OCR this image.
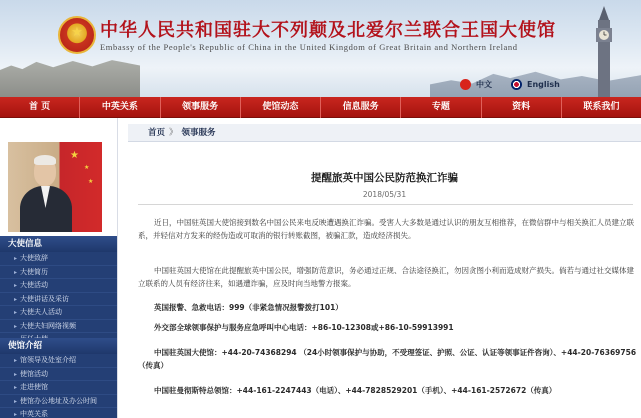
★ 中华人民共和国驻大不列颠及北爱尔兰联合王国大使馆
Embassy of the People's Republic of China in the United Kingdom of Great Britain and Northern Ireland
中文	English
首 页	中英关系	领事服务	使馆动态	信息服务	专题	资料	联系我们
★
★
★
大使信息
▸ 大使致辞
▸ 大使简历
▸ 大使活动
▸ 大使讲话及采访
▸ 大使夫人活动
▸ 大使夫妇网络视频
▸
使馆介绍
▸ 馆领导及处室介绍
▸ 使馆活动
▸ 走进使馆
▸ 使馆办公地址及办公时间
▸ 中英关系
首页 》 领事服务
提醒旅英中国公民防范换汇诈骗
2018/05/31

近日，中国驻英国大使馆接到数名中国公民来电反映遭遇换汇诈骗。受害人大多数是通过认识的朋友互相推荐，在微信群中与相关换汇人员建立联系，并轻信对方发来的经伪造或可取消的银行转账截图，被骗汇款，造成经济损失。

中国驻英国大使馆在此提醒旅英中国公民，增强防范意识，务必通过正规、合法途径换汇，勿因贪图小利而造成财产损失。倘若与通过社交媒体建立联系的人员有经济往来，如遇遭诈骗，应及时向当地警方报案。

英国报警、急救电话：999（非紧急情况报警拨打101）

外交部全球领事保护与服务应急呼叫中心电话：+86-10-12308或+86-10-59913991

中国驻英国大使馆：+44-20-74368294 （24小时领事保护与协助，不受理签证、护照、公证、认证等领事证件咨询）、+44-20-76369756（传真）

中国驻曼彻斯特总领馆：+44-161-2247443（电话）、+44-7828529201（手机）、+44-161-2572672（传真）
